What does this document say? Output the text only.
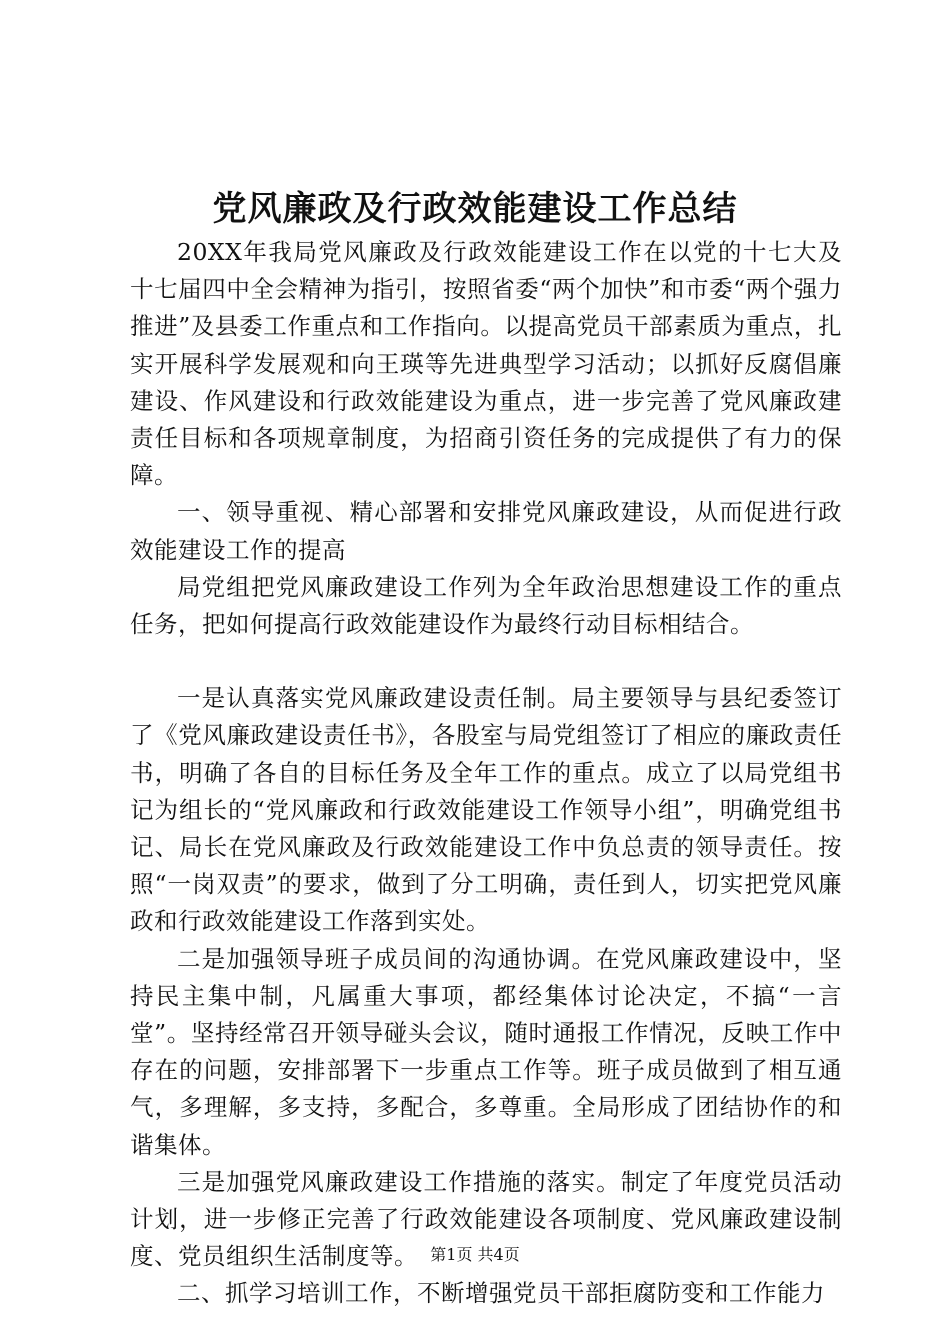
党风廉政及行政效能建设工作总结

20XX年我局党风廉政及行政效能建设工作在以党的十七大及十七届四中全会精神为指引，按照省委“两个加快”和市委“两个强力推进”及县委工作重点和工作指向。以提高党员干部素质为重点，扎实开展科学发展观和向王瑛等先进典型学习活动；以抓好反腐倡廉建设、作风建设和行政效能建设为重点，进一步完善了党风廉政建责任目标和各项规章制度，为招商引资任务的完成提供了有力的保障。

一、领导重视、精心部署和安排党风廉政建设，从而促进行政效能建设工作的提高

局党组把党风廉政建设工作列为全年政治思想建设工作的重点任务，把如何提高行政效能建设作为最终行动目标相结合。

一是认真落实党风廉政建设责任制。局主要领导与县纪委签订了《党风廉政建设责任书》，各股室与局党组签订了相应的廉政责任书，明确了各自的目标任务及全年工作的重点。成立了以局党组书记为组长的“党风廉政和行政效能建设工作领导小组”，明确党组书记、局长在党风廉政及行政效能建设工作中负总责的领导责任。按照“一岗双责”的要求，做到了分工明确，责任到人，切实把党风廉政和行政效能建设工作落到实处。

二是加强领导班子成员间的沟通协调。在党风廉政建设中，坚持民主集中制，凡属重大事项，都经集体讨论决定，不搞“一言堂”。坚持经常召开领导碰头会议，随时通报工作情况，反映工作中存在的问题，安排部署下一步重点工作等。班子成员做到了相互通气，多理解，多支持，多配合，多尊重。全局形成了团结协作的和谐集体。

三是加强党风廉政建设工作措施的落实。制定了年度党员活动计划，进一步修正完善了行政效能建设各项制度、党风廉政建设制度、党员组织生活制度等。

二、抓学习培训工作，不断增强党员干部拒腐防变和工作能力

第1页 共4页
